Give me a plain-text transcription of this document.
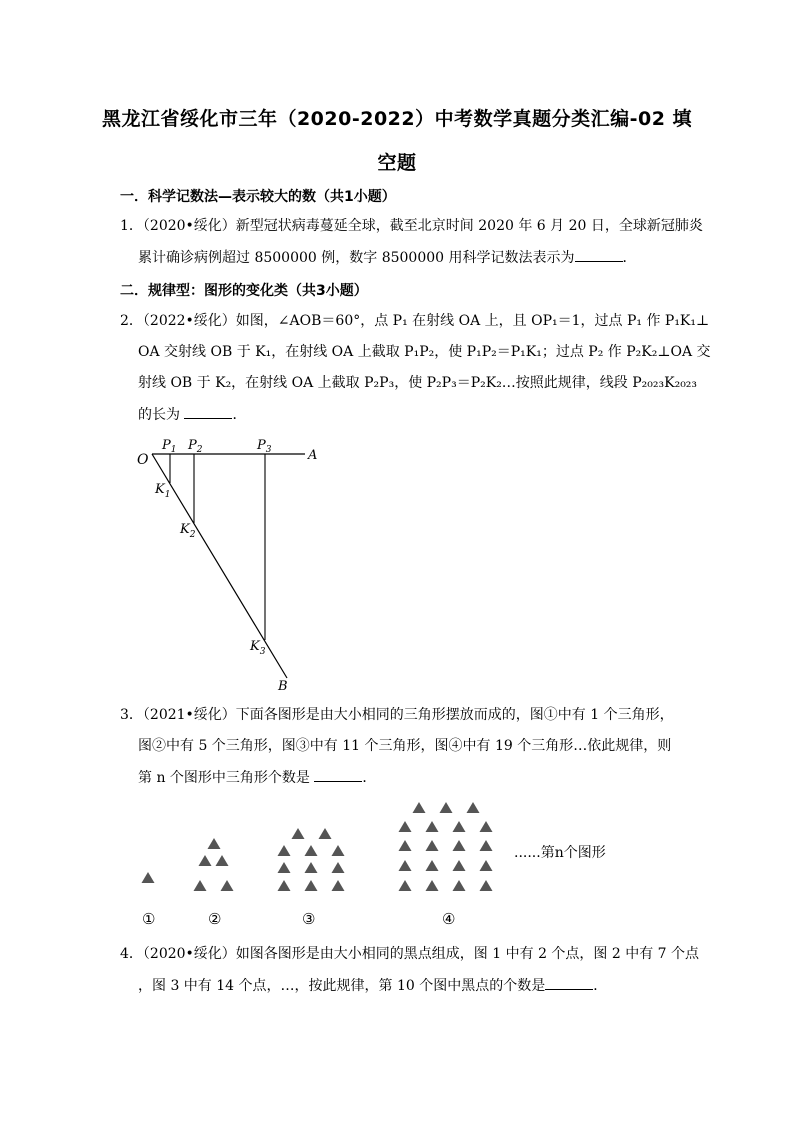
黑龙江省绥化市三年（2020-2022）中考数学真题分类汇编-02 填
空题
一．科学记数法—表示较大的数（共1小题）
1．（2020•绥化）新型冠状病毒蔓延全球，截至北京时间 2020 年 6 月 20 日，全球新冠肺炎
累计确诊病例超过 8500000 例，数字 8500000 用科学记数法表示为	．
二．规律型：图形的变化类（共3小题）
2．（2022•绥化）如图，∠AOB＝60°，点 P₁ 在射线 OA 上，且 OP₁＝1，过点 P₁ 作 P₁K₁⊥
OA 交射线 OB 于 K₁，在射线 OA 上截取 P₁P₂，使 P₁P₂＝P₁K₁；过点 P₂ 作 P₂K₂⊥OA 交
射线 OB 于 K₂，在射线 OA 上截取 P₂P₃，使 P₂P₃＝P₂K₂…按照此规律，线段 P₂₀₂₃K₂₀₂₃
的长为	．
O	A
B
$P_1$ $P_2$	$P_3$
$K_1$
$K_2$
$K_3$
3．（2021•绥化）下面各图形是由大小相同的三角形摆放而成的，图①中有 1 个三角形，
图②中有 5 个三角形，图③中有 11 个三角形，图④中有 19 个三角形…依此规律，则
第 n 个图形中三角形个数是	．
......第n个图形
①	②	③	④
4．（2020•绥化）如图各图形是由大小相同的黑点组成，图 1 中有 2 个点，图 2 中有 7 个点
，图 3 中有 14 个点，…，按此规律，第 10 个图中黑点的个数是	．
